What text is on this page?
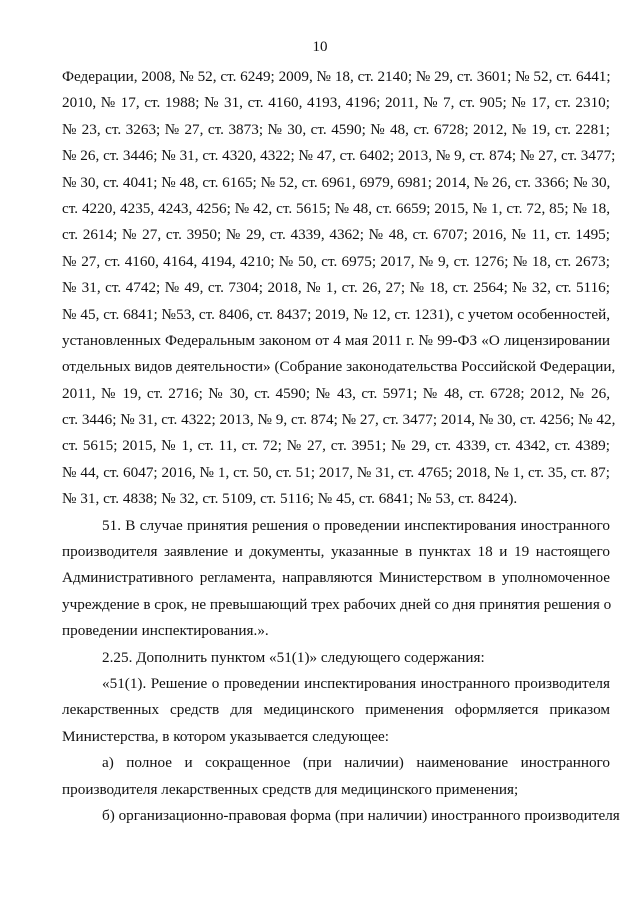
10
Федерации, 2008, № 52, ст. 6249; 2009, № 18, ст. 2140; № 29, ст. 3601; № 52, ст. 6441;
2010, № 17, ст. 1988; № 31, ст. 4160, 4193, 4196; 2011, № 7, ст. 905; № 17, ст. 2310;
№ 23, ст. 3263; № 27, ст. 3873; № 30, ст. 4590; № 48, ст. 6728; 2012, № 19, ст. 2281;
№ 26, ст. 3446; № 31, ст. 4320, 4322; № 47, ст. 6402; 2013, № 9, ст. 874; № 27, ст. 3477;
№ 30, ст. 4041; № 48, ст. 6165; № 52, ст. 6961, 6979, 6981; 2014, № 26, ст. 3366; № 30,
ст. 4220, 4235, 4243, 4256; № 42, ст. 5615; № 48, ст. 6659; 2015, № 1, ст. 72, 85; № 18,
ст. 2614; № 27, ст. 3950; № 29, ст. 4339, 4362; № 48, ст. 6707; 2016, № 11, ст. 1495;
№ 27, ст. 4160, 4164, 4194, 4210; № 50, ст. 6975; 2017, № 9, ст. 1276; № 18, ст. 2673;
№ 31, ст. 4742; № 49, ст. 7304; 2018, № 1, ст. 26, 27; № 18, ст. 2564; № 32, ст. 5116;
№ 45, ст. 6841; №53, ст. 8406, ст. 8437; 2019, № 12, ст. 1231), с учетом особенностей,
установленных Федеральным законом от 4 мая 2011 г. № 99-ФЗ «О лицензировании
отдельных видов деятельности» (Собрание законодательства Российской Федерации,
2011, № 19, ст. 2716; № 30, ст. 4590; № 43, ст. 5971; № 48, ст. 6728; 2012, № 26,
ст. 3446; № 31, ст. 4322; 2013, № 9, ст. 874; № 27, ст. 3477; 2014, № 30, ст. 4256; № 42,
ст. 5615; 2015, № 1, ст. 11, ст. 72; № 27, ст. 3951; № 29, ст. 4339, ст. 4342, ст. 4389;
№ 44, ст. 6047; 2016, № 1, ст. 50, ст. 51; 2017, № 31, ст. 4765; 2018, № 1, ст. 35, ст. 87;
№ 31, ст. 4838; № 32, ст. 5109, ст. 5116; № 45, ст. 6841; № 53, ст. 8424).
51. В случае принятия решения о проведении инспектирования иностранного
производителя заявление и документы, указанные в пунктах 18 и 19 настоящего
Административного регламента, направляются Министерством в уполномоченное
учреждение в срок, не превышающий трех рабочих дней со дня принятия решения о
проведении инспектирования.».
2.25. Дополнить пунктом «51(1)» следующего содержания:
«51(1). Решение о проведении инспектирования иностранного производителя
лекарственных средств для медицинского применения оформляется приказом
Министерства, в котором указывается следующее:
а) полное и сокращенное (при наличии) наименование иностранного
производителя лекарственных средств для медицинского применения;
б) организационно-правовая форма (при наличии) иностранного производителя
